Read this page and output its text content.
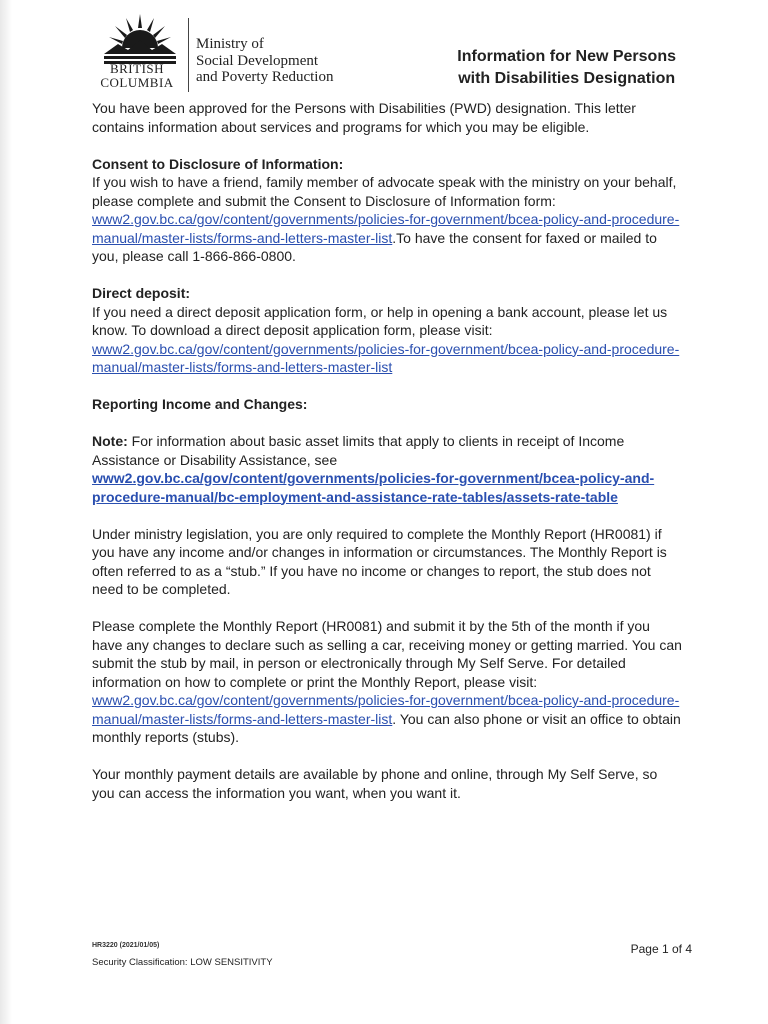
BRITISH
COLUMBIA
Ministry of
Social Development
and Poverty Reduction
Information for New Persons
with Disabilities Designation

You have been approved for the Persons with Disabilities (PWD) designation. This letter contains information about services and programs for which you may be eligible.

Consent to Disclosure of Information:
If you wish to have a friend, family member of advocate speak with the ministry on your behalf, please complete and submit the Consent to Disclosure of Information form: www2.gov.bc.ca/gov/content/governments/policies-for-government/bcea-policy-and-procedure-manual/master-lists/forms-and-letters-master-list.To have the consent for faxed or mailed to you, please call 1-866-866-0800.

Direct deposit:
If you need a direct deposit application form, or help in opening a bank account, please let us know. To download a direct deposit application form, please visit: www2.gov.bc.ca/gov/content/governments/policies-for-government/bcea-policy-and-procedure-manual/master-lists/forms-and-letters-master-list

Reporting Income and Changes:

Note: For information about basic asset limits that apply to clients in receipt of Income Assistance or Disability Assistance, see www2.gov.bc.ca/gov/content/governments/policies-for-government/bcea-policy-and-procedure-manual/bc-employment-and-assistance-rate-tables/assets-rate-table

Under ministry legislation, you are only required to complete the Monthly Report (HR0081) if you have any income and/or changes in information or circumstances. The Monthly Report is often referred to as a “stub.” If you have no income or changes to report, the stub does not need to be completed.

Please complete the Monthly Report (HR0081) and submit it by the 5th of the month if you have any changes to declare such as selling a car, receiving money or getting married. You can submit the stub by mail, in person or electronically through My Self Serve. For detailed information on how to complete or print the Monthly Report, please visit: www2.gov.bc.ca/gov/content/governments/policies-for-government/bcea-policy-and-procedure-manual/master-lists/forms-and-letters-master-list. You can also phone or visit an office to obtain monthly reports (stubs).

Your monthly payment details are available by phone and online, through My Self Serve, so you can access the information you want, when you want it.

HR3220 (2021/01/05)
Security Classification: LOW SENSITIVITY
Page 1 of 4
